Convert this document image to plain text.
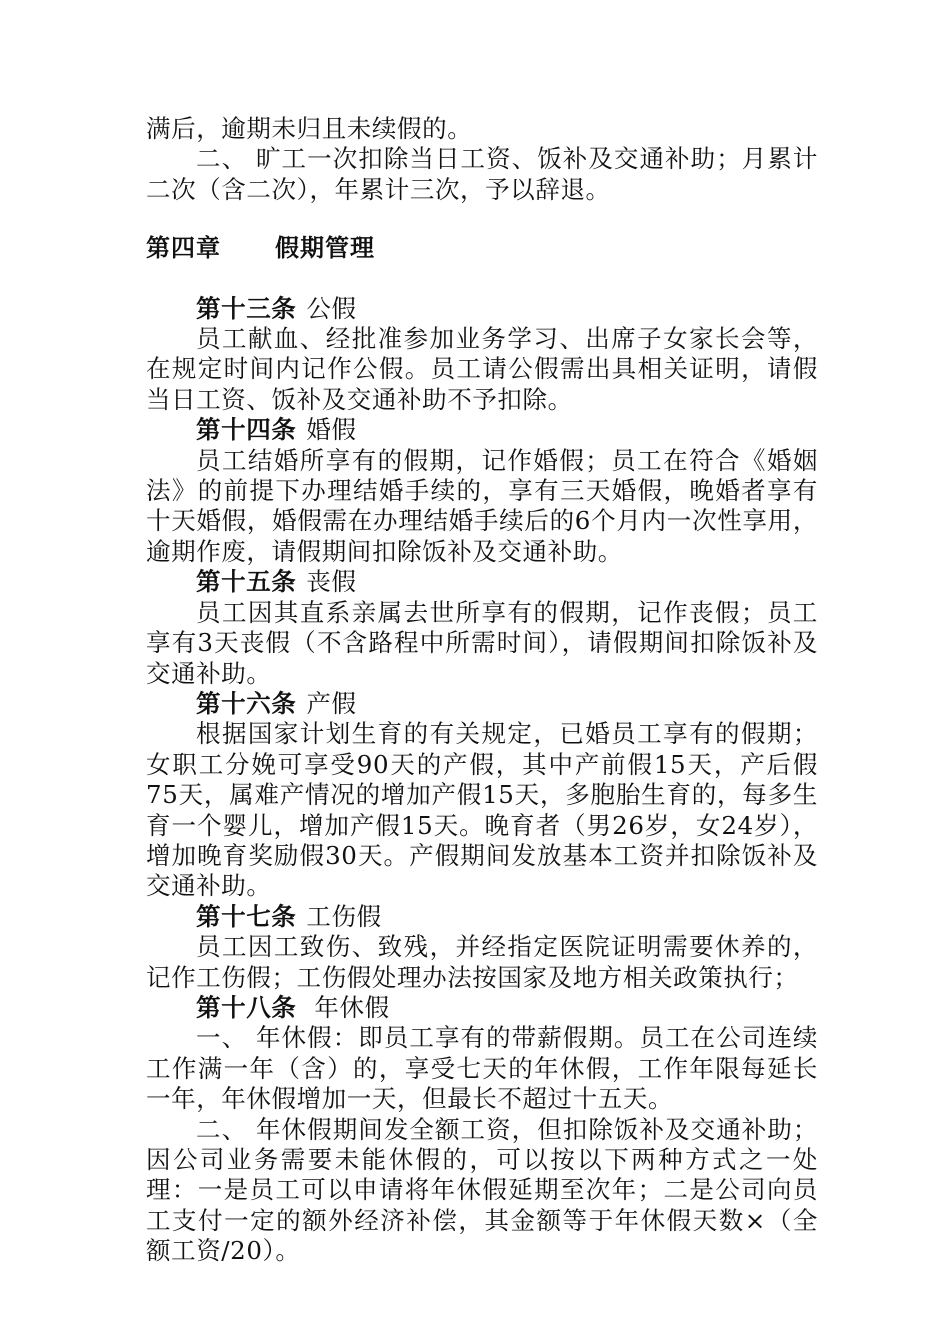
满后，逾期未归且未续假的。

二、 旷工一次扣除当日工资、饭补及交通补助；月累计二次（含二次），年累计三次，予以辞退。

第四章 假期管理

第十三条 公假

员工献血、经批准参加业务学习、出席子女家长会等，在规定时间内记作公假。员工请公假需出具相关证明，请假当日工资、饭补及交通补助不予扣除。

第十四条 婚假

员工结婚所享有的假期，记作婚假；员工在符合《婚姻法》的前提下办理结婚手续的，享有三天婚假，晚婚者享有十天婚假，婚假需在办理结婚手续后的6个月内一次性享用，逾期作废，请假期间扣除饭补及交通补助。

第十五条 丧假

员工因其直系亲属去世所享有的假期，记作丧假；员工享有3天丧假（不含路程中所需时间），请假期间扣除饭补及交通补助。

第十六条 产假

根据国家计划生育的有关规定，已婚员工享有的假期；女职工分娩可享受90天的产假，其中产前假15天，产后假75天，属难产情况的增加产假15天，多胞胎生育的，每多生育一个婴儿，增加产假15天。晚育者（男26岁，女24岁），增加晚育奖励假30天。产假期间发放基本工资并扣除饭补及交通补助。

第十七条 工伤假

员工因工致伤、致残，并经指定医院证明需要休养的，记作工伤假；工伤假处理办法按国家及地方相关政策执行；

第十八条 年休假

一、 年休假：即员工享有的带薪假期。员工在公司连续工作满一年（含）的，享受七天的年休假，工作年限每延长一年，年休假增加一天，但最长不超过十五天。

二、 年休假期间发全额工资，但扣除饭补及交通补助；因公司业务需要未能休假的，可以按以下两种方式之一处理：一是员工可以申请将年休假延期至次年；二是公司向员工支付一定的额外经济补偿，其金额等于年休假天数×（全额工资/20）。
